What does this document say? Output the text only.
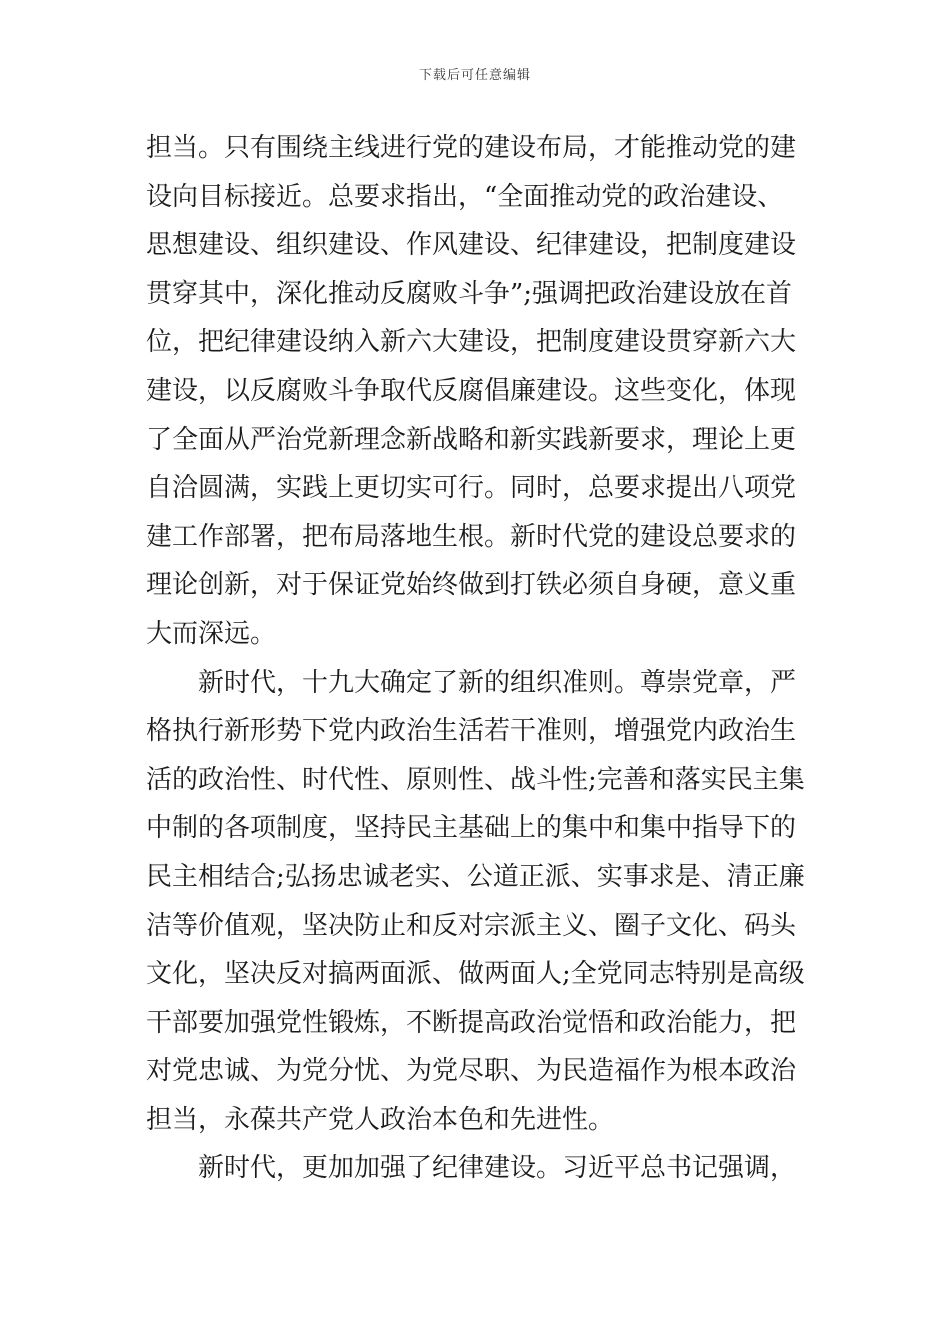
下载后可任意编辑
担当。只有围绕主线进行党的建设布局，才能推动党的建
设向目标接近。总要求指出，“全面推动党的政治建设、
思想建设、组织建设、作风建设、纪律建设，把制度建设
贯穿其中，深化推动反腐败斗争”;强调把政治建设放在首
位，把纪律建设纳入新六大建设，把制度建设贯穿新六大
建设，以反腐败斗争取代反腐倡廉建设。这些变化，体现
了全面从严治党新理念新战略和新实践新要求，理论上更
自洽圆满，实践上更切实可行。同时，总要求提出八项党
建工作部署，把布局落地生根。新时代党的建设总要求的
理论创新，对于保证党始终做到打铁必须自身硬，意义重
大而深远。
新时代，十九大确定了新的组织准则。尊崇党章，严
格执行新形势下党内政治生活若干准则，增强党内政治生
活的政治性、时代性、原则性、战斗性;完善和落实民主集
中制的各项制度，坚持民主基础上的集中和集中指导下的
民主相结合;弘扬忠诚老实、公道正派、实事求是、清正廉
洁等价值观，坚决防止和反对宗派主义、圈子文化、码头
文化，坚决反对搞两面派、做两面人;全党同志特别是高级
干部要加强党性锻炼，不断提高政治觉悟和政治能力，把
对党忠诚、为党分忧、为党尽职、为民造福作为根本政治
担当，永葆共产党人政治本色和先进性。
新时代，更加加强了纪律建设。习近平总书记强调，
